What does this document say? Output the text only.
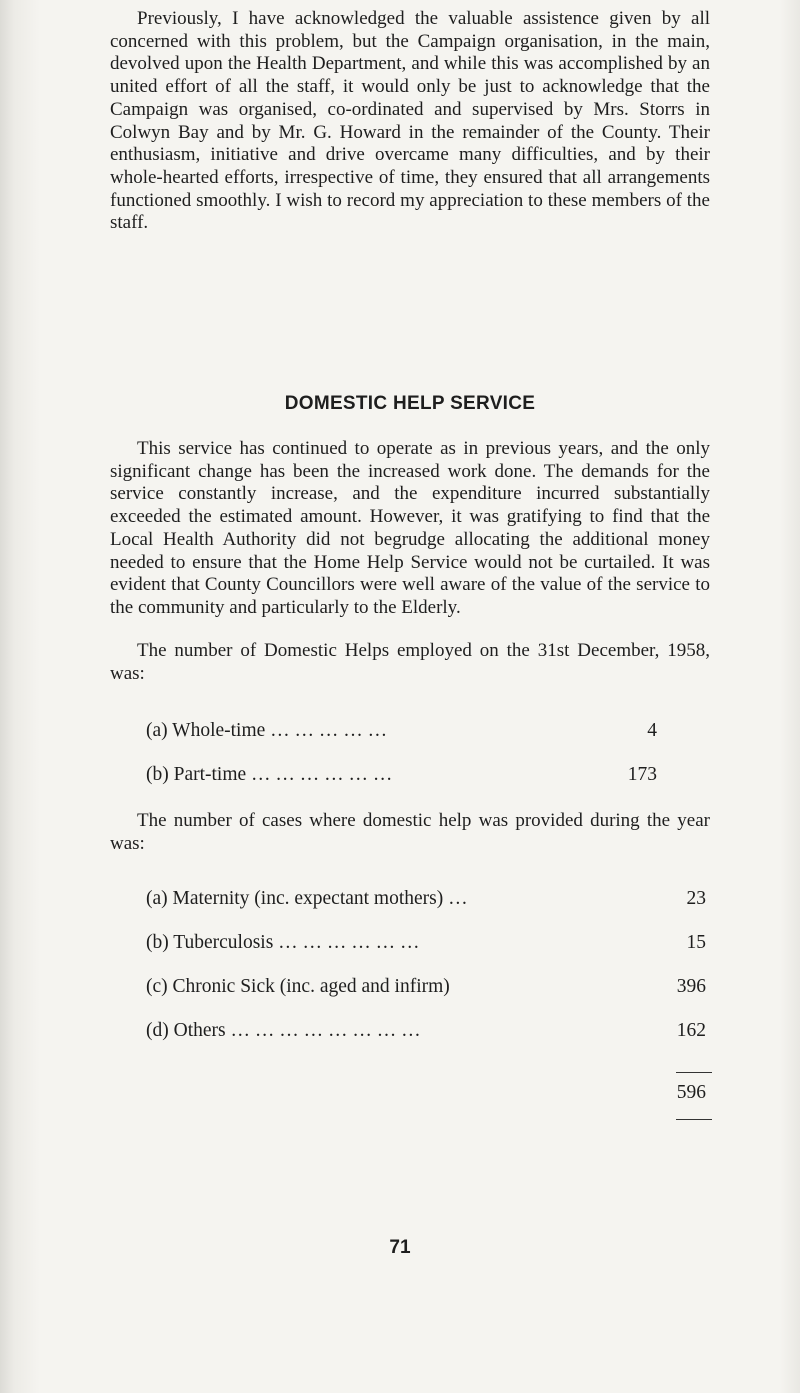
Previously, I have acknowledged the valuable assistence given by all concerned with this problem, but the Campaign organisation, in the main, devolved upon the Health Department, and while this was accomplished by an united effort of all the staff, it would only be just to acknowledge that the Campaign was organised, co-ordinated and supervised by Mrs. Storrs in Colwyn Bay and by Mr. G. Howard in the remainder of the County. Their enthusiasm, initiative and drive overcame many difficulties, and by their whole-hearted efforts, irrespective of time, they ensured that all arrangements functioned smoothly. I wish to record my appreciation to these members of the staff.

DOMESTIC HELP SERVICE

This service has continued to operate as in previous years, and the only significant change has been the increased work done. The demands for the service constantly increase, and the expenditure incurred substantially exceeded the estimated amount. However, it was gratifying to find that the Local Health Authority did not begrudge allocating the additional money needed to ensure that the Home Help Service would not be curtailed. It was evident that County Councillors were well aware of the value of the service to the community and particularly to the Elderly.

The number of Domestic Helps employed on the 31st December, 1958, was:

(a) Whole-time … … … … …	4
(b) Part-time … … … … … …	173

The number of cases where domestic help was provided during the year was:

(a) Maternity (inc. expectant mothers) …	23
(b) Tuberculosis … … … … … …	15
(c) Chronic Sick (inc. aged and infirm)	396
(d) Others … … … … … … … …	162
596
71
